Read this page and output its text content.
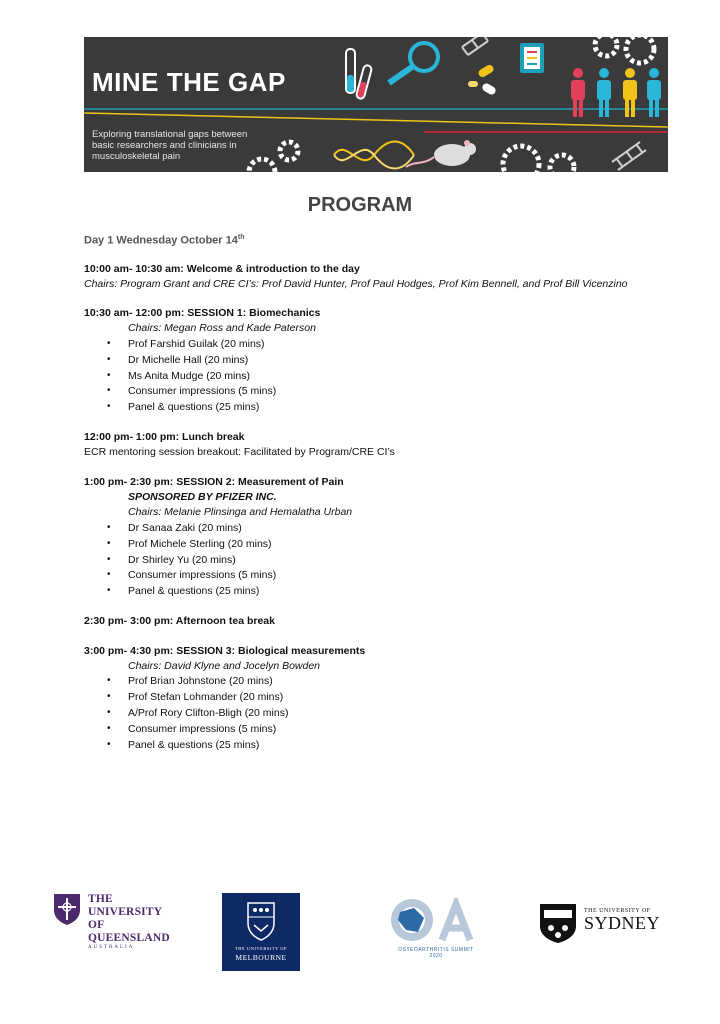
MINE THE GAP
Exploring translational gaps between basic researchers and clinicians in musculoskeletal pain
PROGRAM
Day 1 Wednesday October 14th
10:00 am- 10:30 am: Welcome & introduction to the day
Chairs: Program Grant and CRE CI’s: Prof David Hunter, Prof Paul Hodges, Prof Kim Bennell, and Prof Bill Vicenzino
10:30 am- 12:00 pm: SESSION 1: Biomechanics
Chairs: Megan Ross and Kade Paterson
• Prof Farshid Guilak (20 mins)
• Dr Michelle Hall (20 mins)
• Ms Anita Mudge (20 mins)
• Consumer impressions (5 mins)
• Panel & questions (25 mins)
12:00 pm- 1:00 pm: Lunch break
ECR mentoring session breakout: Facilitated by Program/CRE CI’s
1:00 pm- 2:30 pm: SESSION 2: Measurement of Pain
SPONSORED BY PFIZER INC.
Chairs: Melanie Plinsinga and Hemalatha Urban
• Dr Sanaa Zaki (20 mins)
• Prof Michele Sterling (20 mins)
• Dr Shirley Yu (20 mins)
• Consumer impressions (5 mins)
• Panel & questions (25 mins)
2:30 pm- 3:00 pm: Afternoon tea break
3:00 pm- 4:30 pm: SESSION 3: Biological measurements
Chairs: David Klyne and Jocelyn Bowden
• Prof Brian Johnstone (20 mins)
• Prof Stefan Lohmander (20 mins)
• A/Prof Rory Clifton-Bligh (20 mins)
• Consumer impressions (5 mins)
• Panel & questions (25 mins)
THE UNIVERSITY
OF QUEENSLAND
AUSTRALIA	THE UNIVERSITY OF
MELBOURNE
OSTEOARTHRITIS SUMMIT
2020
THE UNIVERSITY OF
SYDNEY
